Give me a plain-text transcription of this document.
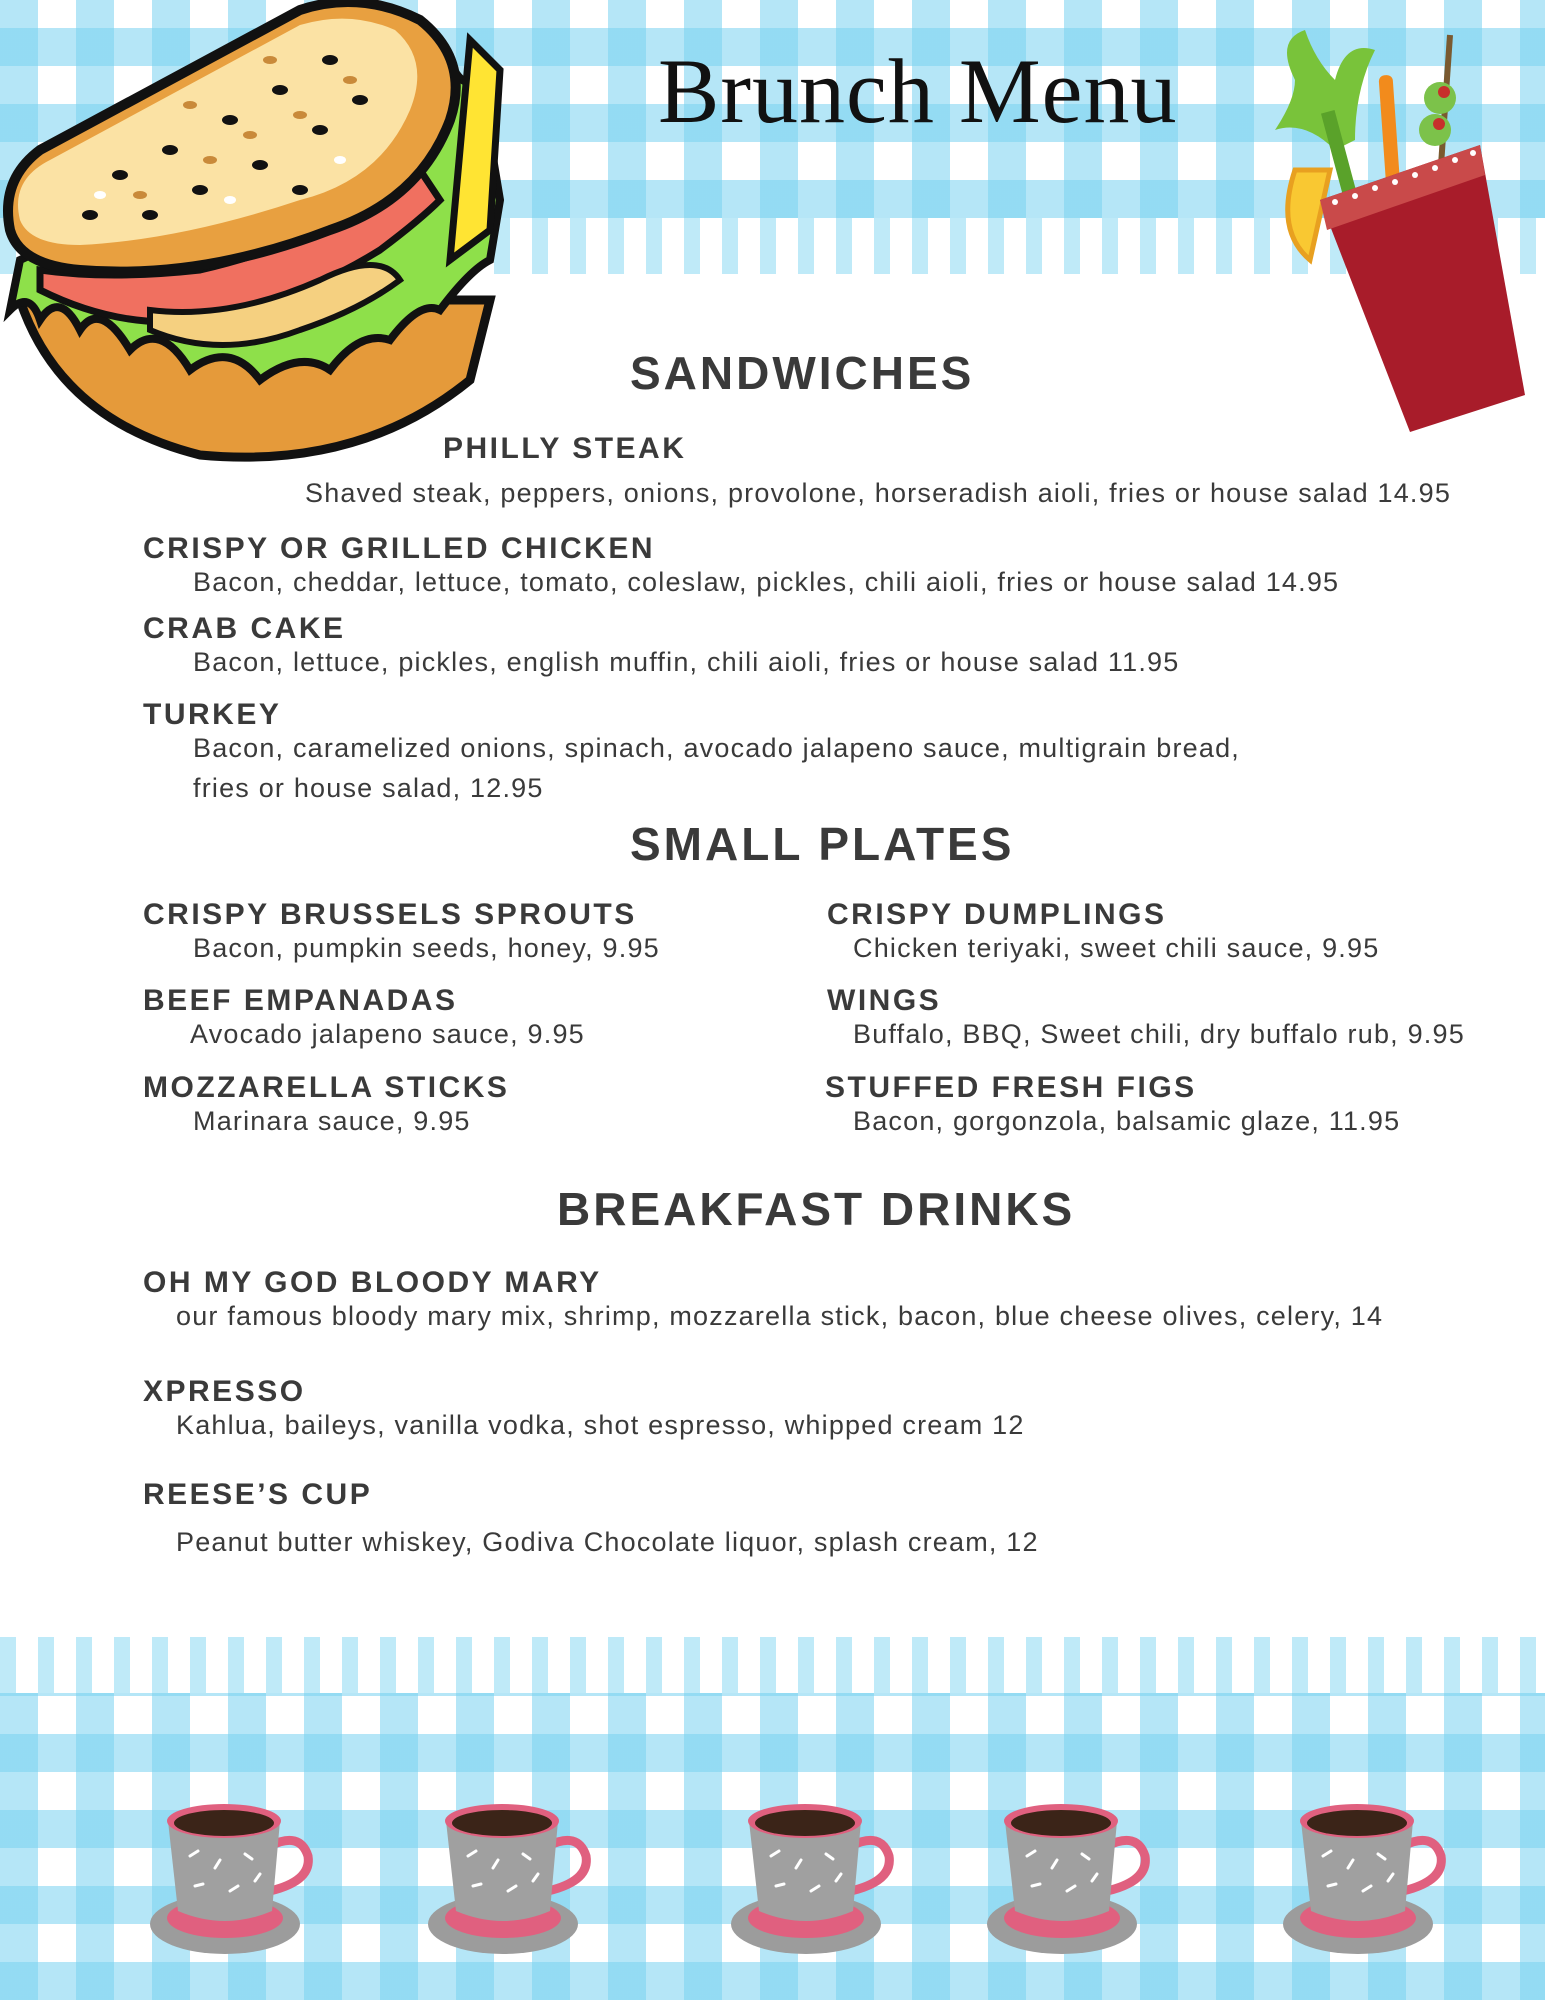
Brunch Menu
SANDWICHES
PHILLY STEAK
Shaved steak, peppers, onions, provolone, horseradish aioli, fries or house salad 14.95
CRISPY OR GRILLED CHICKEN
Bacon, cheddar, lettuce, tomato, coleslaw, pickles, chili aioli, fries or house salad 14.95
CRAB CAKE
Bacon, lettuce, pickles, english muffin, chili aioli, fries or house salad 11.95
TURKEY
Bacon, caramelized onions, spinach, avocado jalapeno sauce, multigrain bread,
fries or house salad, 12.95
SMALL PLATES
CRISPY BRUSSELS SPROUTS
Bacon, pumpkin seeds, honey, 9.95
BEEF EMPANADAS
Avocado jalapeno sauce, 9.95
MOZZARELLA STICKS
Marinara sauce, 9.95
CRISPY DUMPLINGS
Chicken teriyaki, sweet chili sauce, 9.95
WINGS
Buffalo, BBQ, Sweet chili, dry buffalo rub, 9.95
STUFFED FRESH FIGS
Bacon, gorgonzola, balsamic glaze, 11.95
BREAKFAST DRINKS
OH MY GOD BLOODY MARY
our famous bloody mary mix, shrimp, mozzarella stick, bacon, blue cheese olives, celery, 14
XPRESSO
Kahlua, baileys, vanilla vodka, shot espresso, whipped cream 12
REESE’S CUP
Peanut butter whiskey, Godiva Chocolate liquor, splash cream, 12
